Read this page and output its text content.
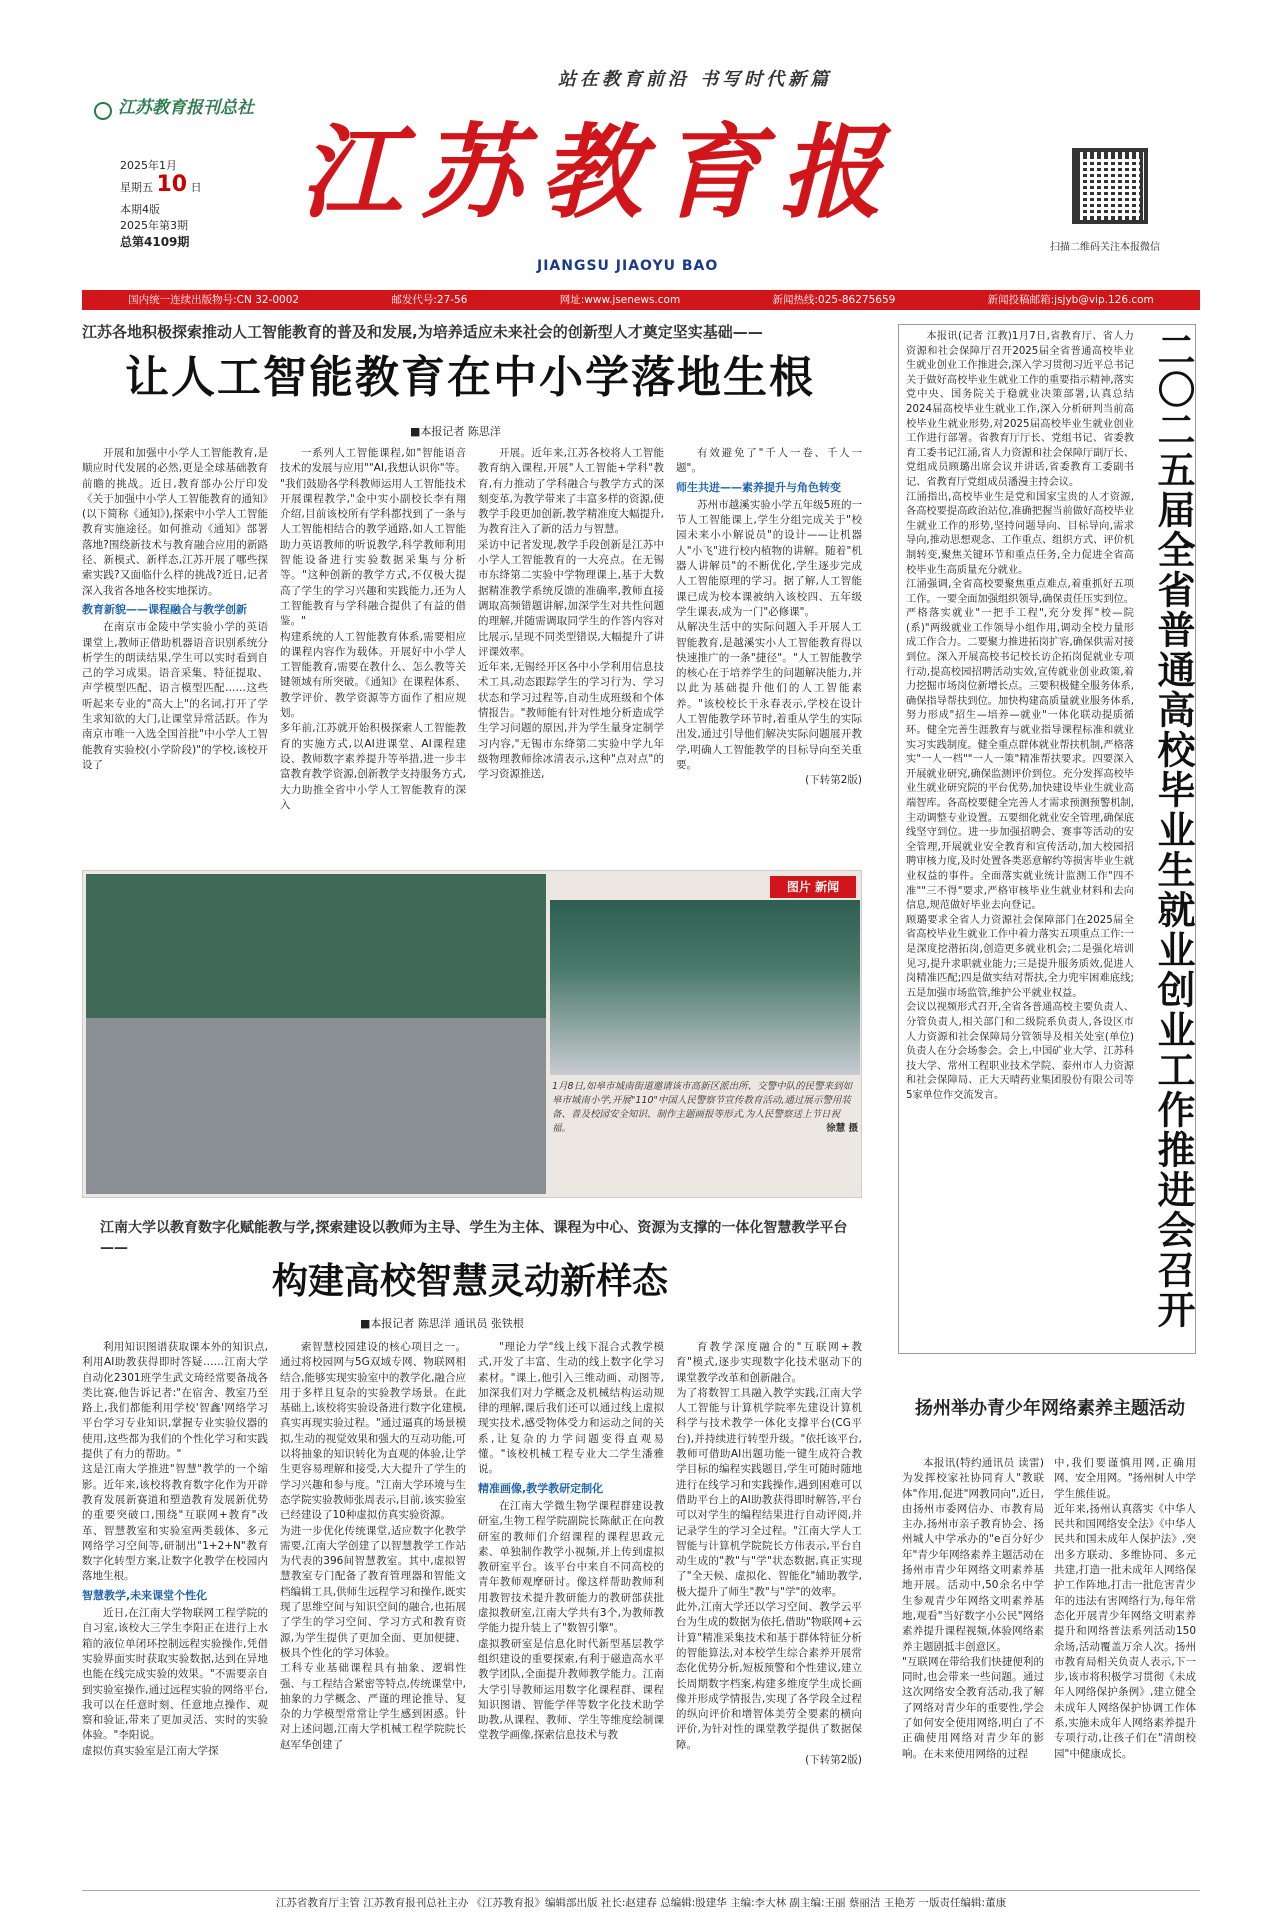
站在教育前沿 书写时代新篇
江苏教育报刊总社
2025年1月
星期五 10 日
本期4版
2025年第3期
总第4109期
江苏教育报
JIANGSU JIAOYU BAO
扫描二维码关注本报微信
国内统一连续出版物号:CN 32-0002	邮发代号:27-56	网址:www.jsenews.com	新闻热线:025-86275659	新闻投稿邮箱:jsjyb@vip.126.com
江苏各地积极探索推动人工智能教育的普及和发展,为培养适应未来社会的创新型人才奠定坚实基础——
让人工智能教育在中小学落地生根
■本报记者 陈思洋

开展和加强中小学人工智能教育,是顺应时代发展的必然,更是全球基础教育前瞻的挑战。近日,教育部办公厅印发《关于加强中小学人工智能教育的通知》(以下简称《通知》),探索中小学人工智能教育实施途径。如何推动《通知》部署落地?围绕新技术与教育融合应用的新路径、新模式、新样态,江苏开展了哪些探索实践?又面临什么样的挑战?近日,记者深入我省各地各校实地探访。

教育新貌——课程融合与教学创新

在南京市金陵中学实验小学的英语课堂上,教师正借助机器语音识别系统分析学生的朗读结果,学生可以实时看到自己的学习成果。语音采集、特征提取、声学模型匹配、语言模型匹配……这些听起来专业的"高大上"的名词,打开了学生求知欲的大门,让课堂异常活跃。作为南京市唯一入选全国首批"中小学人工智能教育实验校(小学阶段)"的学校,该校开设了

一系列人工智能课程,如"智能语音技术的发展与应用""AI,我想认识你"等。
"我们鼓励各学科教师运用人工智能技术开展课程教学,"金中实小副校长李有翔介绍,目前该校所有学科都找到了一条与人工智能相结合的教学通路,如人工智能助力英语教师的听说教学,科学教师利用智能设备进行实验数据采集与分析等。"这种创新的教学方式,不仅极大提高了学生的学习兴趣和实践能力,还为人工智能教育与学科融合提供了有益的借鉴。"
构建系统的人工智能教育体系,需要相应的课程内容作为载体。开展好中小学人工智能教育,需要在教什么、怎么教等关键领域有所突破。《通知》在课程体系、教学评价、教学资源等方面作了相应规划。
多年前,江苏就开始积极探索人工智能教育的实施方式,以AI进课堂、AI课程建设、教师数字素养提升等举措,进一步丰富教育教学资源,创新教学支持服务方式,大力助推全省中小学人工智能教育的深入
开展。近年来,江苏各校将人工智能教育纳入课程,开展"人工智能+学科"教育,有力推动了学科融合与教学方式的深刻变革,为教学带来了丰富多样的资源,使教学手段更加创新,教学精准度大幅提升,为教育注入了新的活力与智慧。
采访中记者发现,教学手段创新是江苏中小学人工智能教育的一大亮点。在无锡市东绛第二实验中学物理课上,基于大数据精准教学系统反馈的准确率,教师直接调取高频错题讲解,加深学生对共性问题的理解,并随需调取同学生的作答内容对比展示,呈现不同类型错误,大幅提升了讲评课效率。
近年来,无锡经开区各中小学利用信息技术工具,动态跟踪学生的学习行为、学习状态和学习过程等,自动生成班级和个体情报告。"教师能有针对性地分析造成学生学习问题的原因,并为学生量身定制学习内容,"无锡市东绛第二实验中学九年级物理教师徐冰清表示,这种"点对点"的学习资源推送,

有效避免了"千人一卷、千人一题"。

师生共进——素养提升与角色转变

苏州市越溪实验小学五年级5班的一节人工智能课上,学生分组完成关于"校园未来小小解说员"的设计——让机器人"小飞"进行校内植物的讲解。随着"机器人讲解员"的不断优化,学生逐步完成人工智能原理的学习。据了解,人工智能课已成为校本课被纳入该校四、五年级学生课表,成为一门"必修课"。
从解决生活中的实际问题入手开展人工智能教育,是越溪实小人工智能教育得以快速推广的一条"捷径"。"人工智能教学的核心在于培养学生的问题解决能力,并以此为基础提升他们的人工智能素养。"该校校长干永春表示,学校在设计人工智能教学环节时,着重从学生的实际出发,通过引导他们解决实际问题展开教学,明确人工智能教学的目标导向至关重要。

(下转第2版)

图片 新闻
1月8日,如皋市城南街道邀请该市高新区派出所、交警中队的民警来到如皋市城南小学,开展"110"中国人民警察节宣传教育活动,通过展示警用装备、普及校园安全知识、制作主题画报等形式,为人民警察送上节日祝福。	徐慧 摄
江南大学以教育数字化赋能教与学,探索建设以教师为主导、学生为主体、课程为中心、资源为支撑的一体化智慧教学平台——
构建高校智慧灵动新样态
■本报记者 陈思洋 通讯员 张铁根

利用知识图谱获取课本外的知识点,利用AI助教获得即时答疑……江南大学自动化2301班学生武文琦经常要备战各类比赛,他告诉记者:"在宿舍、教室乃至路上,我们都能利用学校'智鑫'网络学习平台学习专业知识,掌握专业实验仪器的使用,这些都为我们的个性化学习和实践提供了有力的帮助。"
这是江南大学推进"智慧"教学的一个缩影。近年来,该校将教育数字化作为开辟教育发展新赛道和塑造教育发展新优势的重要突破口,围绕"互联网+教育"改革、智慧教室和实验室两类载体、多元网络学习空间等,研制出"1+2+N"教育数字化转型方案,让数字化教学在校园内落地生根。

智慧教学,未来课堂个性化

近日,在江南大学物联网工程学院的自习室,该校大三学生李阳正在进行上水箱的液位单闭环控制远程实验操作,凭借实验界面实时获取实验数据,达到在异地也能在线完成实验的效果。"不需要亲自到实验室操作,通过远程实验的网络平台,我可以在任意时刻、任意地点操作、观察和验证,带来了更加灵活、实时的实验体验。"李阳说。
虚拟仿真实验室是江南大学探

索智慧校园建设的核心项目之一。通过将校园网与5G双域专网、物联网相结合,能够实现实验室中的教学化,融合应用于多样且复杂的实验教学场景。在此基础上,该校将实验设备进行数字化建模,真实再现实验过程。"通过逼真的场景模拟,生动的视觉效果和强大的互动功能,可以将抽象的知识转化为直观的体验,让学生更容易理解和接受,大大提升了学生的学习兴趣和参与度。"江南大学环境与生态学院实验教师张周表示,目前,该实验室已经建设了10种虚拟仿真实验资源。
为进一步优化传统课堂,适应数字化教学需要,江南大学创建了以智慧教学工作站为代表的396间智慧教室。其中,虚拟智慧教室专门配备了教育管理器和智能文档编辑工具,供师生远程学习和操作,既实现了思维空间与知识空间的融合,也拓展了学生的学习空间、学习方式和教育资源,为学生提供了更加全面、更加便捷、极具个性化的学习体验。
工科专业基础课程具有抽象、逻辑性强、与工程结合紧密等特点,传统课堂中,抽象的力学概念、严谨的理论推导、复杂的力学模型常常让学生感到困惑。针对上述问题,江南大学机械工程学院院长赵军华创建了

"理论力学"线上线下混合式教学模式,开发了丰富、生动的线上数字化学习素材。"课上,他引入三维动画、动图等,加深我们对力学概念及机械结构运动规律的理解,课后我们还可以通过线上虚拟现实技术,感受物体受力和运动之间的关系,让复杂的力学问题变得直观易懂。"该校机械工程专业大二学生潘雅说。

精准画像,教学教研定制化

在江南大学微生物学课程群建设教研室,生物工程学院副院长陈献正在向教研室的教师们介绍课程的课程思政元素、单独制作教学小视频,并上传到虚拟教研室平台。该平台中来自不同高校的青年教师观摩研讨。像这样帮助教师利用教智技术提升教研能力的教研部获批虚拟教研室,江南大学共有3个,为教师教学能力提升装上了"数智引擎"。
虚拟教研室是信息化时代新型基层教学组织建设的重要探索,有利于磁造高水平教学团队,全面提升教师教学能力。江南大学引导教师运用数字化课程群、课程知识图谱、智能学伴等数字化技术助学助教,从课程、教师、学生等维度绘制课堂教学画像,探索信息技术与教

育教学深度融合的"互联网+教育"模式,逐步实现数字化技术驱动下的课堂教学改革和创新融合。
为了将数智工具融入教学实践,江南大学人工智能与计算机学院率先建设计算机科学与技术教学一体化支撑平台(CG平台),并持续进行转型升级。"依托该平台,教师可借助AI出题功能一键生成符合教学目标的编程实践题目,学生可随时随地进行在线学习和实践操作,遇到困难可以借助平台上的AI助教获得即时解答,平台可以对学生的编程结果进行自动评阅,并记录学生的学习全过程。"江南大学人工智能与计算机学院院长方伟表示,平台自动生成的"教"与"学"状态数据,真正实现了"全天候、虚拟化、智能化"辅助教学,极大提升了师生"教"与"学"的效率。
此外,江南大学还以学习空间、教学云平台为生成的数据为依托,借助"物联网+云计算"精准采集技术和基于群体特征分析的智能算法,对本校学生综合素养开展常态化优势分析,短板预警和个性建议,建立长周期数字档案,构建多维度学生成长画像并形成学情报告,实现了各学段全过程的纵向评价和增智体美劳全要素的横向评价,为针对性的课堂教学提供了数据保障。

(下转第2版)

二〇二五届全省普通高校毕业生就业创业工作推进会召开
本报讯(记者 江教)1月7日,省教育厅、省人力资源和社会保障厅召开2025届全省普通高校毕业生就业创业工作推进会,深入学习贯彻习近平总书记关于做好高校毕业生就业工作的重要指示精神,落实党中央、国务院关于稳就业决策部署,认真总结2024届高校毕业生就业工作,深入分析研判当前高校毕业生就业形势,对2025届高校毕业生就业创业工作进行部署。省教育厅厅长、党组书记、省委教育工委书记江涌,省人力资源和社会保障厅副厅长、党组成员顾璐出席会议并讲话,省委教育工委副书记、省教育厅党组成员潘漫主持会议。
江涌指出,高校毕业生是党和国家宝贵的人才资源,各高校要提高政治站位,准确把握当前做好高校毕业生就业工作的形势,坚持问题导向、目标导向,需求导向,推动思想观念、工作重点、组织方式、评价机制转变,聚焦关键环节和重点任务,全力促进全省高校毕业生高质量充分就业。
江涌强调,全省高校要聚焦重点难点,着重抓好五项工作。一要全面加强组织领导,确保责任压实到位。严格落实就业"一把手工程",充分发挥"校—院(系)"两级就业工作领导小组作用,调动全校力量形成工作合力。二要聚力推进拓岗扩容,确保供需对接到位。深入开展高校书记校长访企拓岗促就业专项行动,提高校园招聘活动实效,宣传就业创业政策,着力挖掘市场岗位新增长点。三要积极健全服务体系,确保指导帮扶到位。加快构建高质量就业服务体系,努力形成"招生—培养—就业"一体化联动提质循环。健全完善生涯教育与就业指导课程标准和就业实习实践制度。健全重点群体就业帮扶机制,严格落实"一人一档""一人一策"精准帮扶要求。四要深入开展就业研究,确保监测评价到位。充分发挥高校毕业生就业研究院的平台优势,加快建设毕业生就业高端智库。各高校要健全完善人才需求预测预警机制,主动调整专业设置。五要细化就业安全管理,确保底线坚守到位。进一步加强招聘会、赛事等活动的安全管理,开展就业安全教育和宣传活动,加大校园招聘审核力度,及时处置各类恶意解约等损害毕业生就业权益的事件。全面落实就业统计监测工作"四不准""三不得"要求,严格审核毕业生就业材料和去向信息,规范做好毕业去向登记。
顾璐要求全省人力资源社会保障部门在2025届全省高校毕业生就业工作中着力落实五项重点工作:一是深度挖潜拓岗,创造更多就业机会;二是强化培训见习,提升求职就业能力;三是提升服务质效,促进人岗精准匹配;四是做实结对帮扶,全力兜牢困难底线;五是加强市场监管,维护公平就业权益。
会议以视频形式召开,全省各普通高校主要负责人、分管负责人,相关部门和二级院系负责人,各设区市人力资源和社会保障局分管领导及相关处室(单位)负责人在分会场参会。会上,中国矿业大学、江苏科技大学、常州工程职业技术学院、泰州市人力资源和社会保障局、正大天晴药业集团股份有限公司等5家单位作交流发言。
扬州举办青少年网络素养主题活动
本报讯(特约通讯员 读雷)为发挥校家社协同育人"教联体"作用,促进"网教同向",近日,由扬州市委网信办、市教育局主办,扬州市亲子教育协会、扬州城人中学承办的"e百分好少年"青少年网络素养主题活动在扬州市青少年网络文明素养基地开展。活动中,50余名中学生参观青少年网络文明素养基地,观看"当好数字小公民"网络素养提升课程视频,体验网络素养主题剧抵丰创意区。
"互联网在带给我们快捷便利的同时,也会带来一些问题。通过这次网络安全教育活动,我了解了网络对青少年的重要性,学会了如何安全使用网络,明白了不正确使用网络对青少年的影响。在未来使用网络的过程
中,我们要谨慎用网,正确用网、安全用网。"扬州树人中学学生熊佳说。
近年来,扬州认真落实《中华人民共和国网络安全法》《中华人民共和国未成年人保护法》,突出多方联动、多维协同、多元共建,打造一批未成年人网络保护工作阵地,打击一批危害青少年的违法有害网络行为,每年常态化开展青少年网络文明素养提升和网络普法系列活动150余场,活动覆盖万余人次。扬州市教育局相关负责人表示,下一步,该市将积极学习贯彻《未成年人网络保护条例》,建立健全未成年人网络保护协调工作体系,实施未成年人网络素养提升专项行动,让孩子们在"清朗校园"中健康成长。
江苏省教育厅主管 江苏教育报刊总社主办 《江苏教育报》编辑部出版 社长:赵建春 总编辑:殷建华 主编:李大林 副主编:王丽 蔡丽洁 王艳芳 一版责任编辑:董康
